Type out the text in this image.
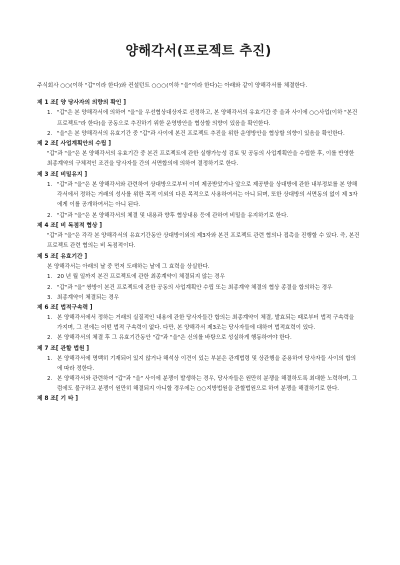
양해각서(프로젝트 추진)

주식회사 ○○(이하 "갑"이라 한다)와 컨설턴트 ○○○(이하 "을"이라 한다)는 아래와 같이 양해각서를 체결한다.

제 1 조[ 양 당사자의 의향의 확인 ]
1. "갑"은 본 양해각서에 의하여 "을"을 우선협상대상자로 선정하고, 본 양해각서의 유효기간 중 을과 사이에 ○○사업(이하 "본건 프로젝트"라 한다)을 공동으로 추진하기 위한 운영방안을 협상할 의향이 있음을 확인한다.
2. "을"은 본 양해각서의 유효기간 중 "갑"과 사이에 본건 프로젝트 추진을 위한 운영방안을 협상할 의향이 있음을 확인한다.
제 2 조[ 사업계획안의 수립 ]
"갑"과 "을"은 본 양해각서의 유효기간 중 본건 프로젝트에 관한 실행가능성 검토 및 공동의 사업계획안을 수립한 후, 이를 반영한 최종계약의 구체적인 조건을 당사자들 간의 서면합의에 의하여 결정하기로 한다.
제 3 조[ 비밀유지 ]
1. "갑"과 "을"은 본 양해각서와 관련하여 상대방으로부터 이미 제공받았거나 앞으로 제공받을 상대방에 관한 내부정보를 본 양해각서에서 정하는 거래의 성사를 위한 목적 이외의 다른 목적으로 사용하여서는 아니 되며, 또한 상대방의 서면동의 없이 제 3자에게 이를 공개하여서는 아니 된다.
2. "갑"과 "을"은 본 양해각서의 체결 및 내용과 향후 협상내용 등에 관하여 비밀을 유지하기로 한다.
제 4 조[ 비 독점적 협상 ]
"갑"과 "을"은 각각 본 양해각서의 유효기간동안 상대방이외의 제3자와 본건 프로젝트 관련 협의나 접촉을 진행할 수 있다. 즉, 본건 프로젝트 관련 협의는 비 독점적이다.
제 5 조[ 유효기간 ]
본 양해각서는 아래의 날 중 먼저 도래하는 날에 그 효력을 상실한다.
1. 20 년 월 일까지 본건 프로젝트에 관한 최종계약이 체결되지 않는 경우
2. "갑"과 "을" 쌍방이 본건 프로젝트에 관한 공동의 사업계획안 수립 또는 최종계약 체결의 협상 종결을 합의하는 경우
3. 최종계약이 체결되는 경우
제 6 조[ 법적구속력 ]
1. 본 양해각서에서 정하는 거래의 실질적인 내용에 관한 당사자들간 합의는 최종계약이 체결, 발효되는 때로부터 법적 구속력을 가지며, 그 전에는 어떤 법적 구속력이 없다. 다만, 본 양해각서 제3조는 당사자들에 대하여 법적효력이 있다.
2. 본 양해각서의 체결 후 그 유효기간동안 "갑"과 "을"은 신의를 바탕으로 성실하게 행동하여야 한다.
제 7 조[ 관할 법원 ]
1. 본 양해각서에 명백히 기재되어 있지 않거나 해석상 이견이 있는 부분은 관계법령 및 상관행을 준용하여 당사자들 사이의 합의에 따라 정한다.
2. 본 양해각서와 관련하여 "갑"과 "을" 사이에 분쟁이 발생하는 경우, 당사자들은 원만히 분쟁을 해결하도록 최대한 노력하며, 그럼에도 불구하고 분쟁이 원만히 해결되지 아니할 경우에는 ○○지방법원을 관할법원으로 하여 분쟁을 해결하기로 한다.
제 8 조[ 기 타 ]
